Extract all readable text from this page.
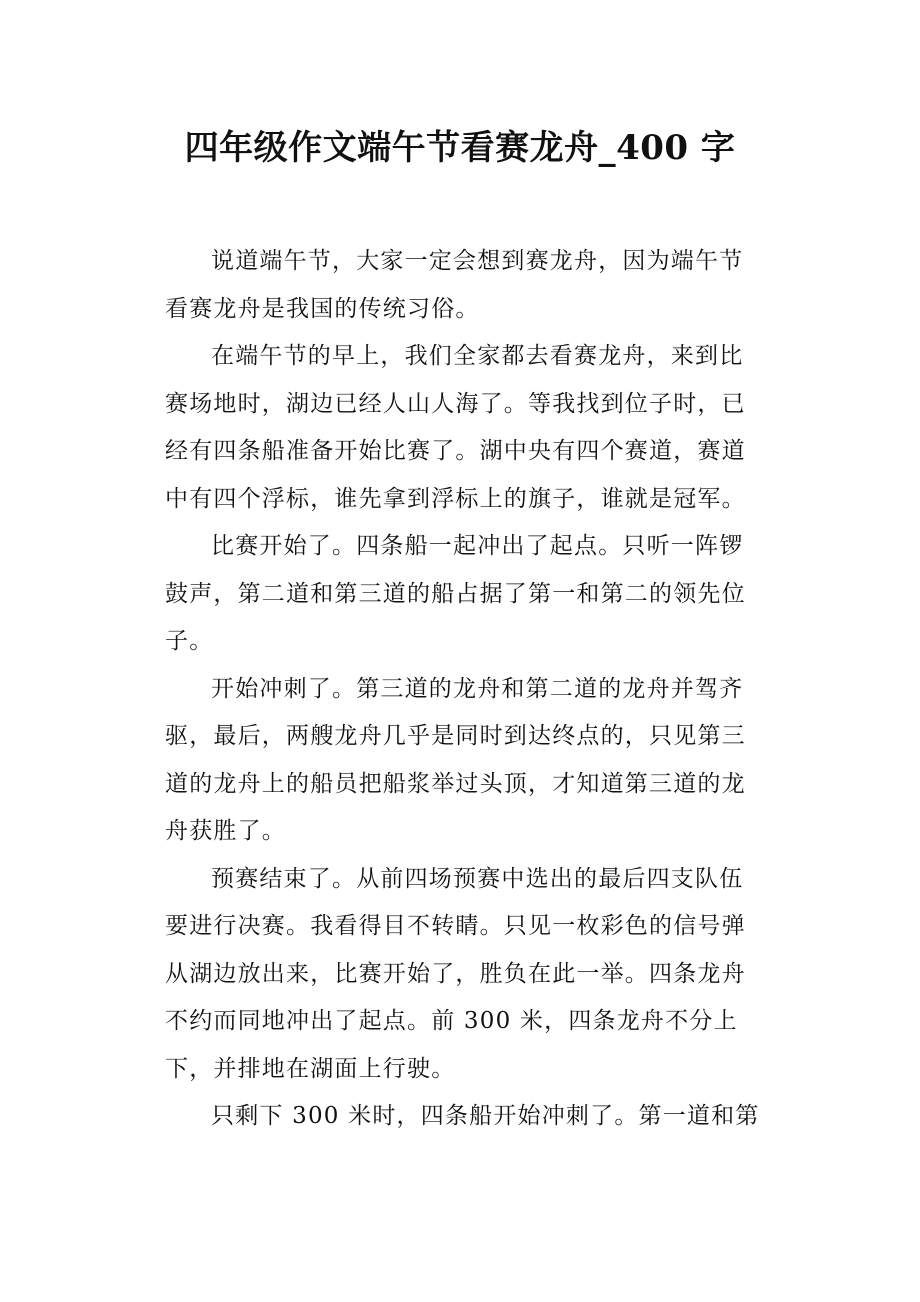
四年级作文端午节看赛龙舟_400 字

说道端午节，大家一定会想到赛龙舟，因为端午节看赛龙舟是我国的传统习俗。

在端午节的早上，我们全家都去看赛龙舟，来到比赛场地时，湖边已经人山人海了。等我找到位子时，已经有四条船准备开始比赛了。湖中央有四个赛道，赛道中有四个浮标，谁先拿到浮标上的旗子，谁就是冠军。

比赛开始了。四条船一起冲出了起点。只听一阵锣鼓声，第二道和第三道的船占据了第一和第二的领先位子。

开始冲刺了。第三道的龙舟和第二道的龙舟并驾齐驱，最后，两艘龙舟几乎是同时到达终点的，只见第三道的龙舟上的船员把船浆举过头顶，才知道第三道的龙舟获胜了。

预赛结束了。从前四场预赛中选出的最后四支队伍要进行决赛。我看得目不转睛。只见一枚彩色的信号弹从湖边放出来，比赛开始了，胜负在此一举。四条龙舟不约而同地冲出了起点。前 300 米，四条龙舟不分上下，并排地在湖面上行驶。

只剩下 300 米时，四条船开始冲刺了。第一道和第
